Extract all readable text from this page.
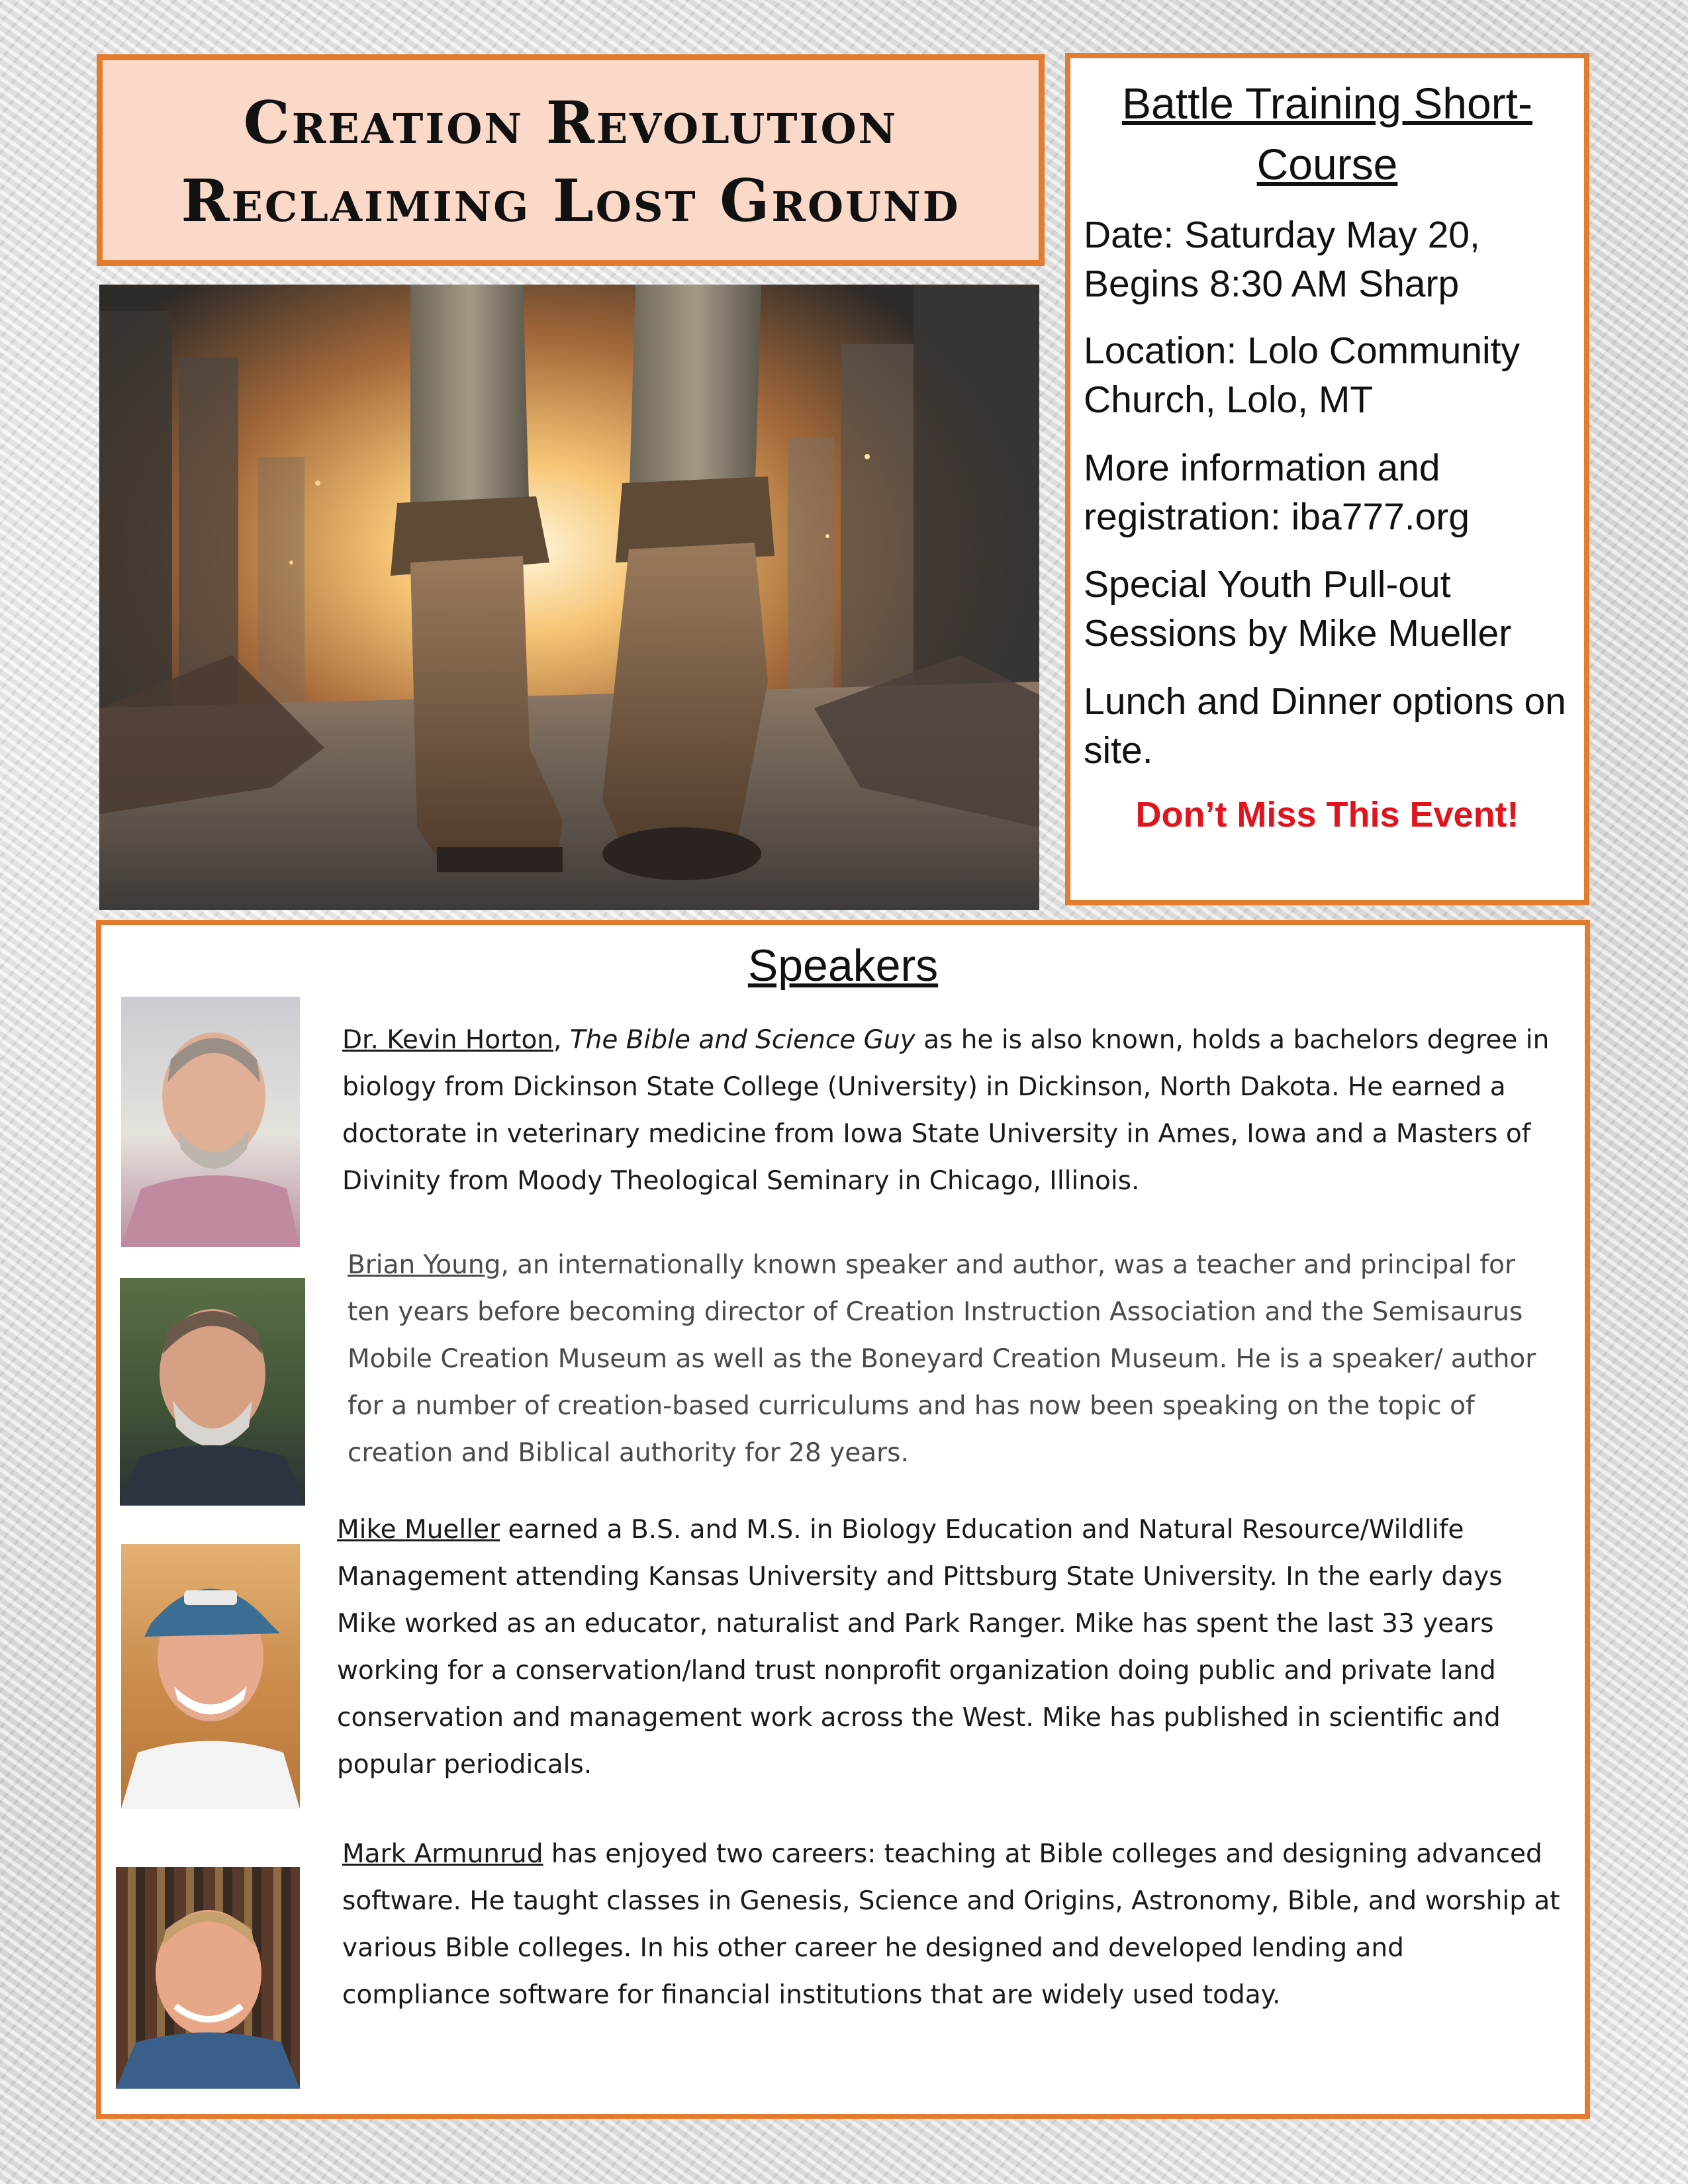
Creation Revolution
Reclaiming Lost Ground
Battle Training Short-Course
Date: Saturday May 20, Begins 8:30 AM Sharp
Location: Lolo Community Church, Lolo, MT
More information and registration: iba777.org
Special Youth Pull-out Sessions by Mike Mueller
Lunch and Dinner options on site.
Don’t Miss This Event!
Speakers
Dr. Kevin Horton, The Bible and Science Guy as he is also known, holds a bachelors degree in biology from Dickinson State College (University) in Dickinson, North Dakota. He earned a doctorate in veterinary medicine from Iowa State University in Ames, Iowa and a Masters of Divinity from Moody Theological Seminary in Chicago, Illinois.
Brian Young, an internationally known speaker and author, was a teacher and principal for ten years before becoming director of Creation Instruction Association and the Semisaurus Mobile Creation Museum as well as the Boneyard Creation Museum. He is a speaker/ author for a number of creation-based curriculums and has now been speaking on the topic of creation and Biblical authority for 28 years.
Mike Mueller earned a B.S. and M.S. in Biology Education and Natural Resource/Wildlife Management attending Kansas University and Pittsburg State University. In the early days Mike worked as an educator, naturalist and Park Ranger. Mike has spent the last 33 years working for a conservation/land trust nonprofit organization doing public and private land conservation and management work across the West. Mike has published in scientific and popular periodicals.
Mark Armunrud has enjoyed two careers: teaching at Bible colleges and designing advanced software. He taught classes in Genesis, Science and Origins, Astronomy, Bible, and worship at various Bible colleges. In his other career he designed and developed lending and compliance software for financial institutions that are widely used today.
